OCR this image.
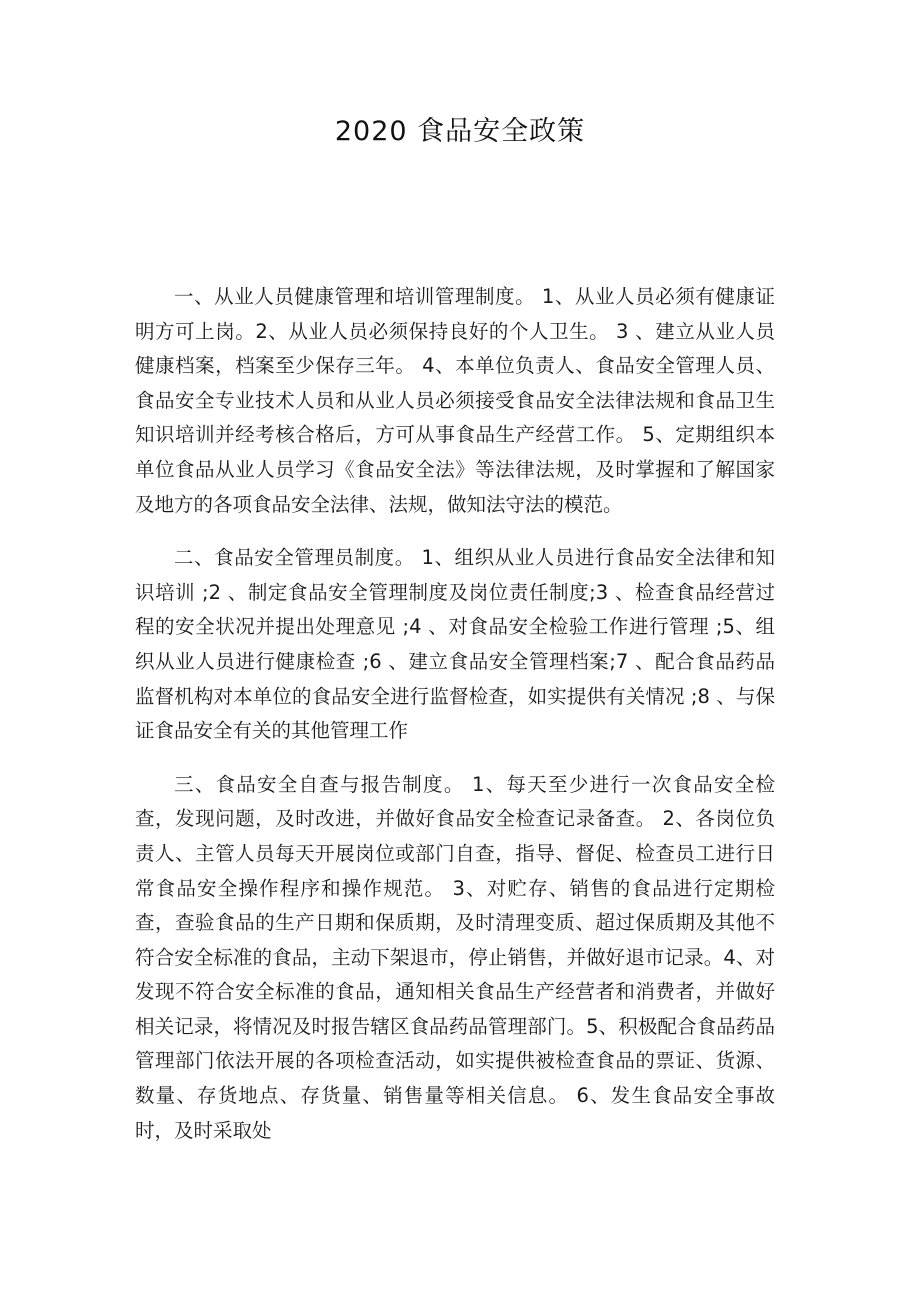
2020 食品安全政策

一、从业人员健康管理和培训管理制度。 1、从业人员必须有健康证明方可上岗。2、从业人员必须保持良好的个人卫生。 3 、建立从业人员健康档案，档案至少保存三年。 4、本单位负责人、食品安全管理人员、食品安全专业技术人员和从业人员必须接受食品安全法律法规和食品卫生知识培训并经考核合格后，方可从事食品生产经营工作。 5、定期组织本单位食品从业人员学习《食品安全法》等法律法规，及时掌握和了解国家及地方的各项食品安全法律、法规，做知法守法的模范。

二、食品安全管理员制度。 1、组织从业人员进行食品安全法律和知识培训 ;2 、制定食品安全管理制度及岗位责任制度;3 、检查食品经营过程的安全状况并提出处理意见 ;4 、对食品安全检验工作进行管理 ;5、组织从业人员进行健康检查 ;6 、建立食品安全管理档案;7 、配合食品药品监督机构对本单位的食品安全进行监督检查，如实提供有关情况 ;8 、与保证食品安全有关的其他管理工作

三、食品安全自查与报告制度。 1、每天至少进行一次食品安全检查，发现问题，及时改进，并做好食品安全检查记录备查。 2、各岗位负责人、主管人员每天开展岗位或部门自查，指导、督促、检查员工进行日常食品安全操作程序和操作规范。 3、对贮存、销售的食品进行定期检查，查验食品的生产日期和保质期，及时清理变质、超过保质期及其他不符合安全标准的食品，主动下架退市，停止销售，并做好退市记录。4、对发现不符合安全标准的食品，通知相关食品生产经营者和消费者，并做好相关记录，将情况及时报告辖区食品药品管理部门。5、积极配合食品药品管理部门依法开展的各项检查活动，如实提供被检查食品的票证、货源、数量、存货地点、存货量、销售量等相关信息。 6、发生食品安全事故时，及时采取处
